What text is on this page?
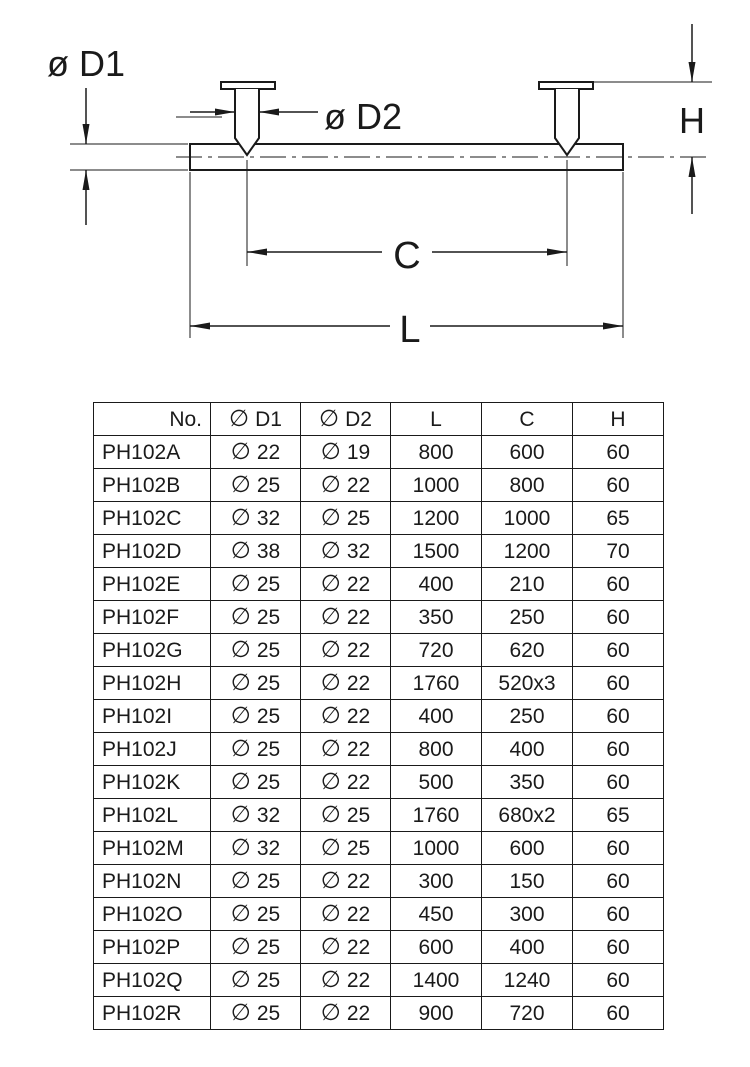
ø D1
ø D2	H
C
L
No.	∅ D1	∅ D2	L	C	H
PH102A	∅ 22	∅ 19	800	600	60
PH102B	∅ 25	∅ 22	1000	800	60
PH102C	∅ 32	∅ 25	1200	1000	65
PH102D	∅ 38	∅ 32	1500	1200	70
PH102E	∅ 25	∅ 22	400	210	60
PH102F	∅ 25	∅ 22	350	250	60
PH102G	∅ 25	∅ 22	720	620	60
PH102H	∅ 25	∅ 22	1760	520x3	60
PH102I	∅ 25	∅ 22	400	250	60
PH102J	∅ 25	∅ 22	800	400	60
PH102K	∅ 25	∅ 22	500	350	60
PH102L	∅ 32	∅ 25	1760	680x2	65
PH102M	∅ 32	∅ 25	1000	600	60
PH102N	∅ 25	∅ 22	300	150	60
PH102O	∅ 25	∅ 22	450	300	60
PH102P	∅ 25	∅ 22	600	400	60
PH102Q	∅ 25	∅ 22	1400	1240	60
PH102R	∅ 25	∅ 22	900	720	60
